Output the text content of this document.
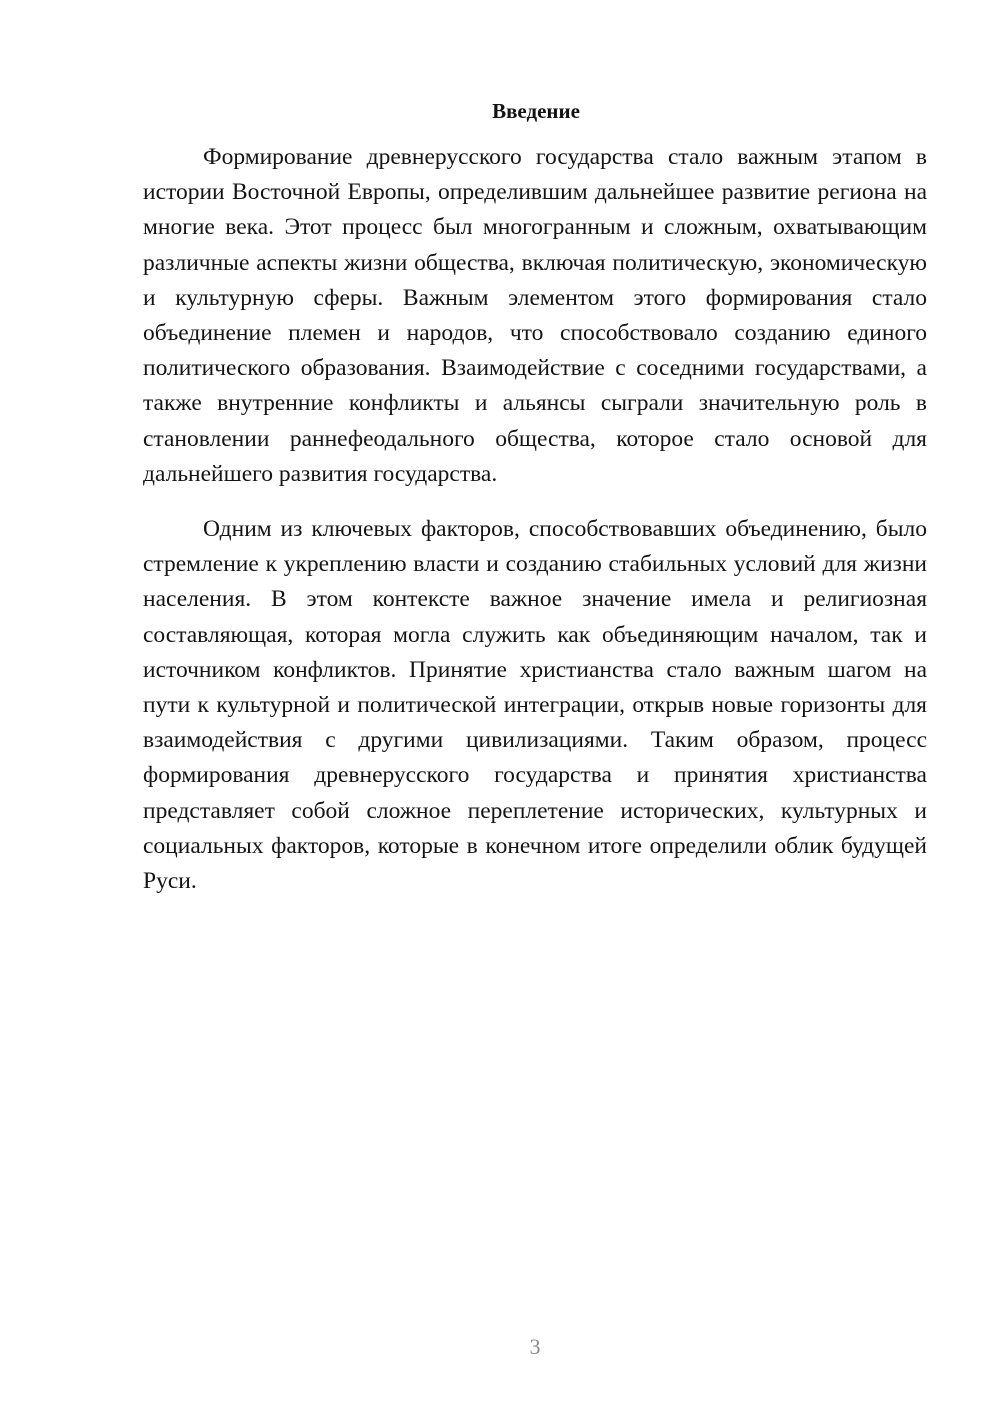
Введение

Формирование древнерусского государства стало важным этапом в истории Восточной Европы, определившим дальнейшее развитие региона на многие века. Этот процесс был многогранным и сложным, охватывающим различные аспекты жизни общества, включая политическую, экономическую и культурную сферы. Важным элементом этого формирования стало объединение племен и народов, что способствовало созданию единого политического образования. Взаимодействие с соседними государствами, а также внутренние конфликты и альянсы сыграли значительную роль в становлении раннефеодального общества, которое стало основой для дальнейшего развития государства.

Одним из ключевых факторов, способствовавших объединению, было стремление к укреплению власти и созданию стабильных условий для жизни населения. В этом контексте важное значение имела и религиозная составляющая, которая могла служить как объединяющим началом, так и источником конфликтов. Принятие христианства стало важным шагом на пути к культурной и политической интеграции, открыв новые горизонты для взаимодействия с другими цивилизациями. Таким образом, процесс формирования древнерусского государства и принятия христианства представляет собой сложное переплетение исторических, культурных и социальных факторов, которые в конечном итоге определили облик будущей Руси.

3
